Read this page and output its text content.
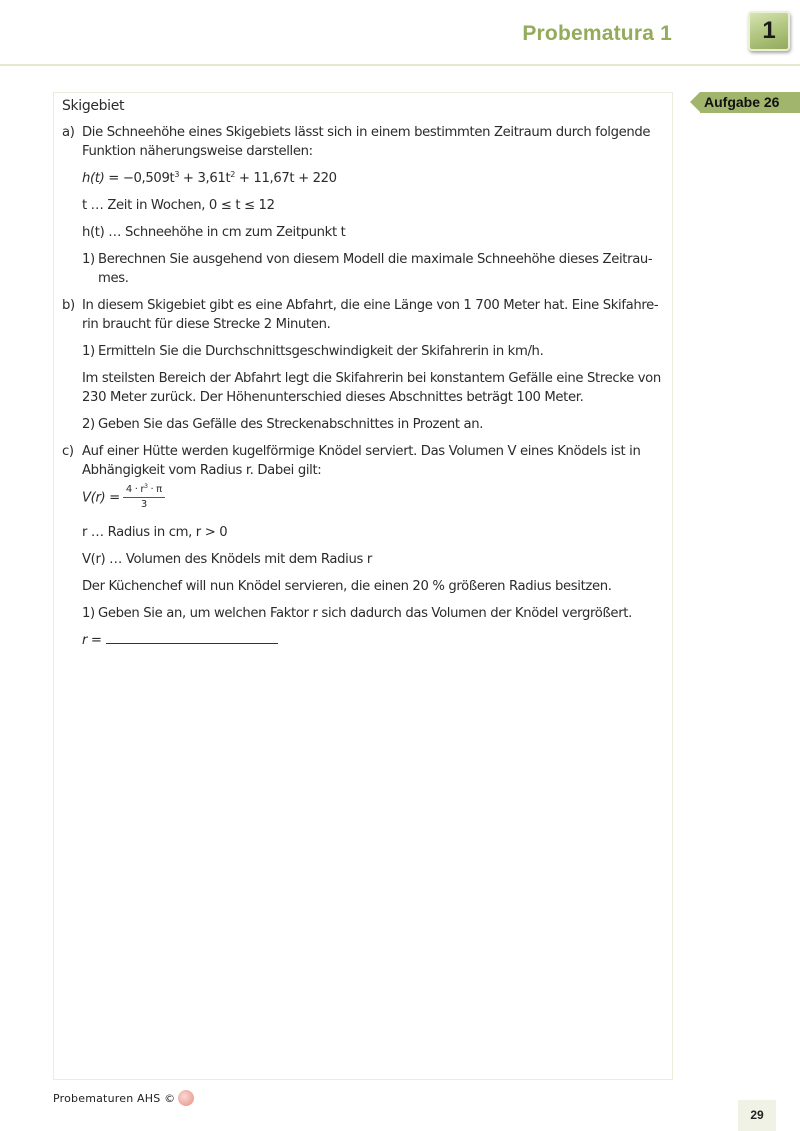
Probematura 1	1
Aufgabe 26

Skigebiet

a) Die Schneehöhe eines Skigebiets lässt sich in einem bestimmten Zeitraum durch folgende Funktion näherungsweise darstellen:

$h(t) = -0,509t^3 + 3,61t^2 + 11,67t + 220$

t … Zeit in Wochen, 0 ≤ t ≤ 12

h(t) … Schneehöhe in cm zum Zeitpunkt t

1) Berechnen Sie ausgehend von diesem Modell die maximale Schneehöhe dieses Zeitrau-mes.
b) In diesem Skigebiet gibt es eine Abfahrt, die eine Länge von 1 700 Meter hat. Eine Skifahre-rin braucht für diese Strecke 2 Minuten.
1) Ermitteln Sie die Durchschnittsgeschwindigkeit der Skifahrerin in km/h.

Im steilsten Bereich der Abfahrt legt die Skifahrerin bei konstantem Gefälle eine Strecke von 230 Meter zurück. Der Höhenunterschied dieses Abschnittes beträgt 100 Meter.

2) Geben Sie das Gefälle des Streckenabschnittes in Prozent an.
c) Auf einer Hütte werden kugelförmige Knödel serviert. Das Volumen V eines Knödels ist in Abhängigkeit vom Radius r. Dabei gilt:

$V(r) = \frac{4 \cdot r^3 \cdot \pi}{3}$

r … Radius in cm, r > 0

V(r) … Volumen des Knödels mit dem Radius r

Der Küchenchef will nun Knödel servieren, die einen 20 % größeren Radius besitzen.

1) Geben Sie an, um welchen Faktor r sich dadurch das Volumen der Knödel vergrößert.

r =

Probematuren AHS ©
29
